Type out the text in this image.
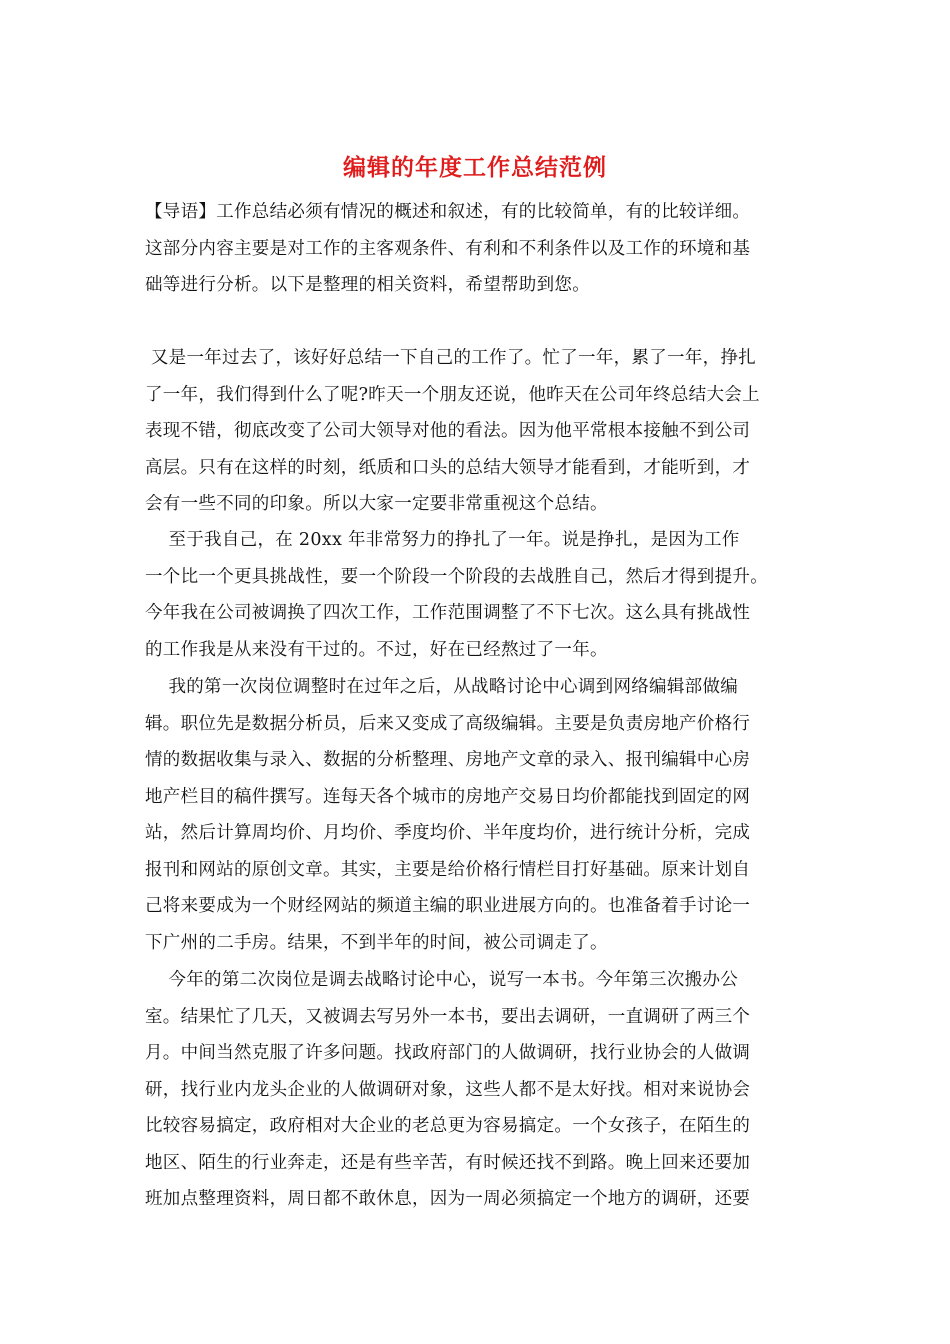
编辑的年度工作总结范例
【导语】工作总结必须有情况的概述和叙述，有的比较简单，有的比较详细。
这部分内容主要是对工作的主客观条件、有利和不利条件以及工作的环境和基
础等进行分析。以下是整理的相关资料，希望帮助到您。
又是一年过去了，该好好总结一下自己的工作了。忙了一年，累了一年，挣扎
了一年，我们得到什么了呢?昨天一个朋友还说，他昨天在公司年终总结大会上
表现不错，彻底改变了公司大领导对他的看法。因为他平常根本接触不到公司
高层。只有在这样的时刻，纸质和口头的总结大领导才能看到，才能听到，才
会有一些不同的印象。所以大家一定要非常重视这个总结。
至于我自己，在 20xx 年非常努力的挣扎了一年。说是挣扎，是因为工作
一个比一个更具挑战性，要一个阶段一个阶段的去战胜自己，然后才得到提升。
今年我在公司被调换了四次工作，工作范围调整了不下七次。这么具有挑战性
的工作我是从来没有干过的。不过，好在已经熬过了一年。
我的第一次岗位调整时在过年之后，从战略讨论中心调到网络编辑部做编
辑。职位先是数据分析员，后来又变成了高级编辑。主要是负责房地产价格行
情的数据收集与录入、数据的分析整理、房地产文章的录入、报刊编辑中心房
地产栏目的稿件撰写。连每天各个城市的房地产交易日均价都能找到固定的网
站，然后计算周均价、月均价、季度均价、半年度均价，进行统计分析，完成
报刊和网站的原创文章。其实，主要是给价格行情栏目打好基础。原来计划自
己将来要成为一个财经网站的频道主编的职业进展方向的。也准备着手讨论一
下广州的二手房。结果，不到半年的时间，被公司调走了。
今年的第二次岗位是调去战略讨论中心，说写一本书。今年第三次搬办公
室。结果忙了几天，又被调去写另外一本书，要出去调研，一直调研了两三个
月。中间当然克服了许多问题。找政府部门的人做调研，找行业协会的人做调
研，找行业内龙头企业的人做调研对象，这些人都不是太好找。相对来说协会
比较容易搞定，政府相对大企业的老总更为容易搞定。一个女孩子，在陌生的
地区、陌生的行业奔走，还是有些辛苦，有时候还找不到路。晚上回来还要加
班加点整理资料，周日都不敢休息，因为一周必须搞定一个地方的调研，还要
